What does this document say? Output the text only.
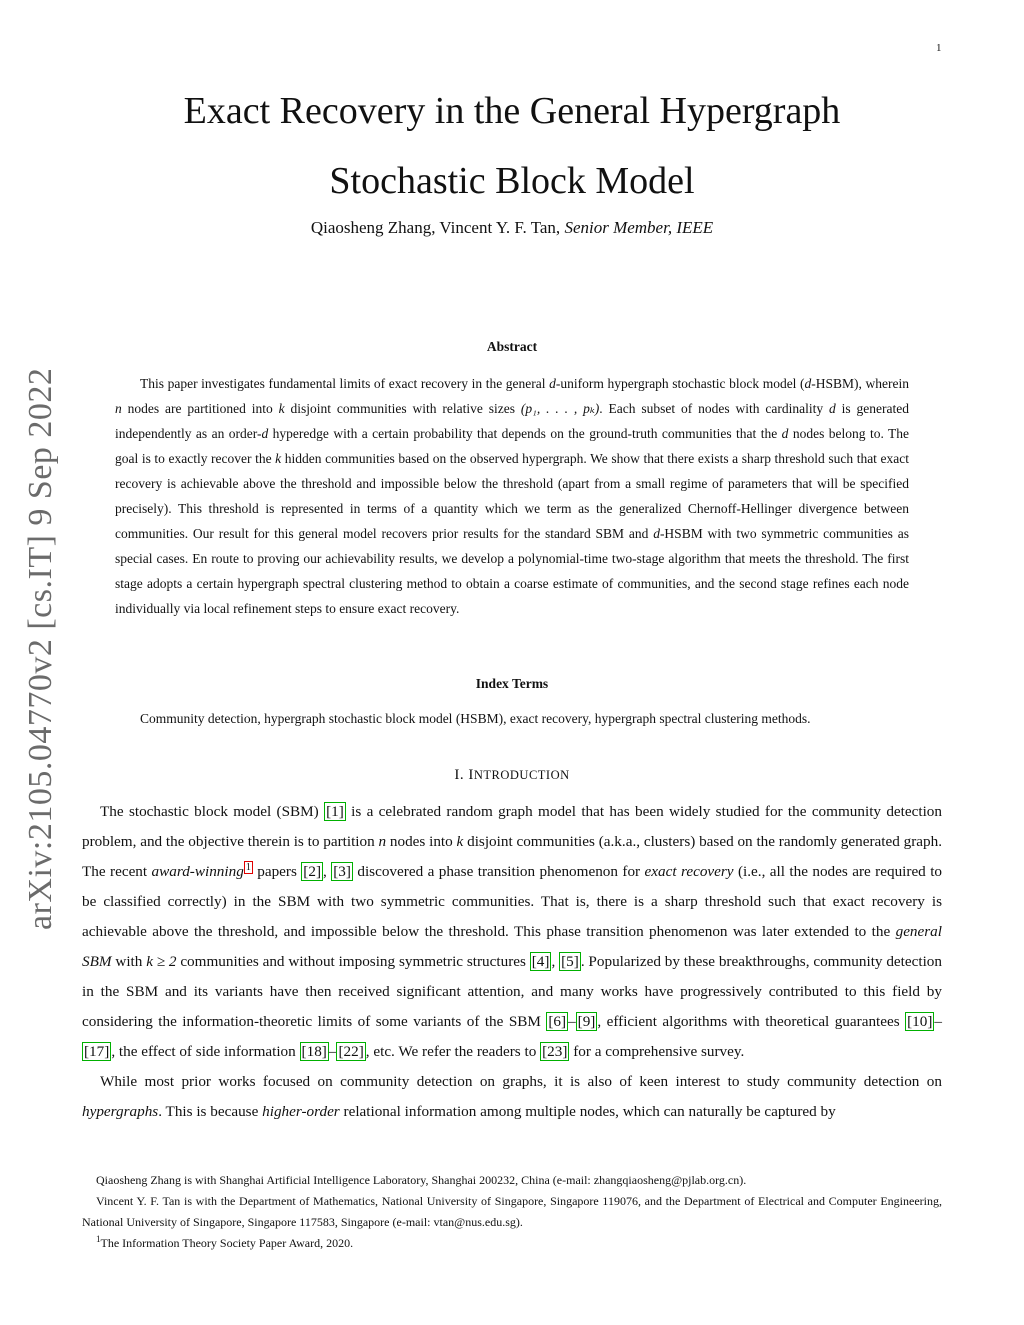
1
arXiv:2105.04770v2 [cs.IT] 9 Sep 2022
Exact Recovery in the General Hypergraph
Stochastic Block Model
Qiaosheng Zhang, Vincent Y. F. Tan, Senior Member, IEEE
Abstract

This paper investigates fundamental limits of exact recovery in the general d-uniform hypergraph stochastic block model (d-HSBM), wherein n nodes are partitioned into k disjoint communities with relative sizes (p₁, . . . , pₖ). Each subset of nodes with cardinality d is generated independently as an order-d hyperedge with a certain probability that depends on the ground-truth communities that the d nodes belong to. The goal is to exactly recover the k hidden communities based on the observed hypergraph. We show that there exists a sharp threshold such that exact recovery is achievable above the threshold and impossible below the threshold (apart from a small regime of parameters that will be specified precisely). This threshold is represented in terms of a quantity which we term as the generalized Chernoff-Hellinger divergence between communities. Our result for this general model recovers prior results for the standard SBM and d-HSBM with two symmetric communities as special cases. En route to proving our achievability results, we develop a polynomial-time two-stage algorithm that meets the threshold. The first stage adopts a certain hypergraph spectral clustering method to obtain a coarse estimate of communities, and the second stage refines each node individually via local refinement steps to ensure exact recovery.

Index Terms

Community detection, hypergraph stochastic block model (HSBM), exact recovery, hypergraph spectral clustering methods.

I. INTRODUCTION

The stochastic block model (SBM) [1] is a celebrated random graph model that has been widely studied for the community detection problem, and the objective therein is to partition n nodes into k disjoint communities (a.k.a., clusters) based on the randomly generated graph. The recent award-winning $^1$ papers [2] , [3] discovered a phase transition phenomenon for exact recovery (i.e., all the nodes are required to be classified correctly) in the SBM with two symmetric communities. That is, there is a sharp threshold such that exact recovery is achievable above the threshold, and impossible below the threshold. This phase transition phenomenon was later extended to the general SBM with k ≥ 2 communities and without imposing symmetric structures [4] , [5] . Popularized by these breakthroughs, community detection in the SBM and its variants have then received significant attention, and many works have progressively contributed to this field by considering the information-theoretic limits of some variants of the SBM [6] – [9] , efficient algorithms with theoretical guarantees [10] –[17] , the effect of side information [18] – [22] , etc. We refer the readers to [23] for a comprehensive survey.

While most prior works focused on community detection on graphs, it is also of keen interest to study community detection on hypergraphs. This is because higher-order relational information among multiple nodes, which can naturally be captured by

Qiaosheng Zhang is with Shanghai Artificial Intelligence Laboratory, Shanghai 200232, China (e-mail: zhangqiaosheng@pjlab.org.cn).

Vincent Y. F. Tan is with the Department of Mathematics, National University of Singapore, Singapore 119076, and the Department of Electrical and Computer Engineering, National University of Singapore, Singapore 117583, Singapore (e-mail: vtan@nus.edu.sg).

$^1$The Information Theory Society Paper Award, 2020.
